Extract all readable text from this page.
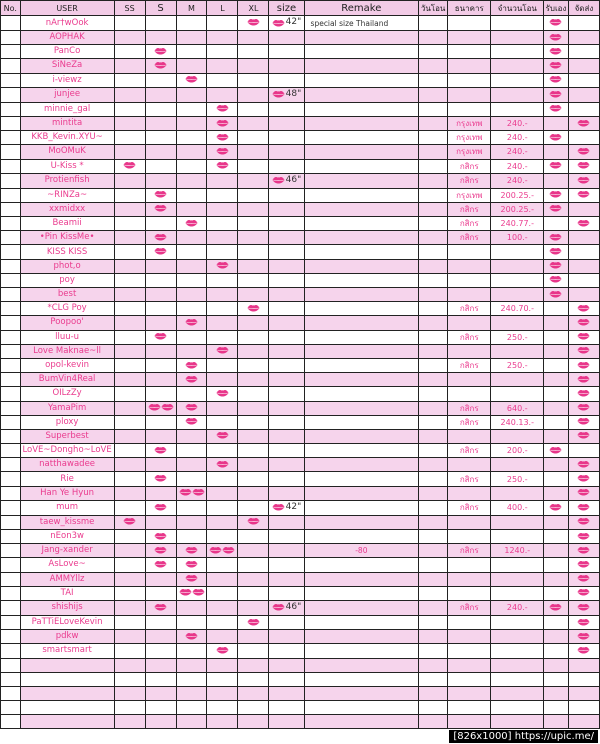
No.	USER	SS	S	M	L	XL	size	Remake	วันโอน	ธนาคาร	จำนวนโอน	รับเอง	จัดส่ง
	nAr†wOok						42"	special size Thailand					
	AOPHAK												
	PanCo												
	SiNeZa												
	i-viewz												
	junjee						48"						
	minnie_gal												
	mintita									กรุงเทพ	240.-		
	KKB_Kevin.XYU~									กรุงเทพ	240.-		
	MoOMuK									กรุงเทพ	240.-		
	U-Kiss *									กสิกร	240.-		
	Protienfish						46"			กสิกร	240.-		
	~RINZa~									กรุงเทพ	200.25.-		
	xxmidxx									กสิกร	200.25.-		
	Beamii									กสิกร	240.77.-		
	•Pin KissMe•									กสิกร	100.-		
	KISS KISS												
	phot,o												
	poy												
	best												
	*CLG Poy									กสิกร	240.70.-		
	Poopoo'												
	lluu-u									กสิกร	250.-		
	Love Maknae~ll												
	opol-kevin									กสิกร	250.-		
	BumVin4Real												
	OILzZy												
	YamaPim									กสิกร	640.-		
	ploxy									กสิกร	240.13.-		
	Superbest												
	LoVE~Dongho~LoVE									กสิกร	200.-		
	natthawadee												
	Rie									กสิกร	250.-		
	Han Ye Hyun												
	mum						42"			กสิกร	400.-		
	taew_kissme												
	nEon3w												
	Jang-xander							-80		กสิกร	1240.-		
	AsLove~												
	AMMYllz												
	TAI												
	shishijs						46"			กสิกร	240.-		
	PaTTiELoveKevin												
	pdkw												
	smartsmart												

[826x1000] https://upic.me/
